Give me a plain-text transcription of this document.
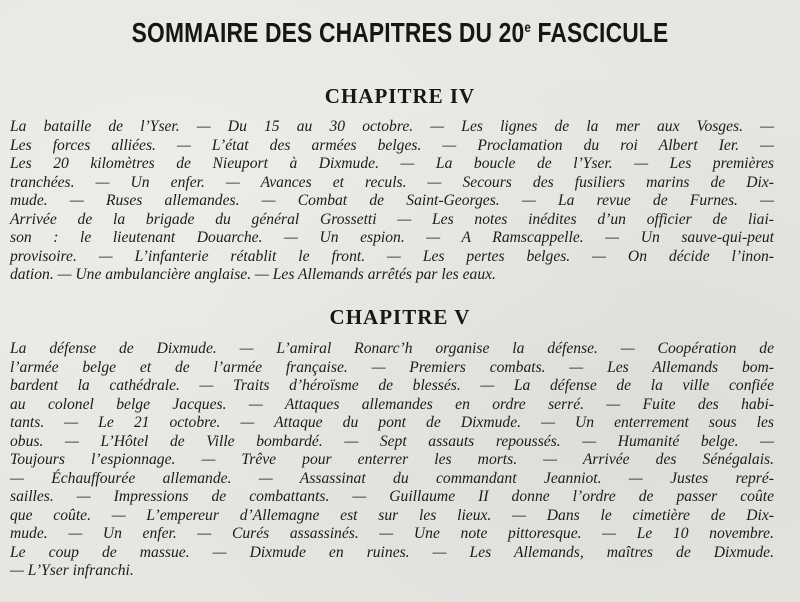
SOMMAIRE DES CHAPITRES DU 20e FASCICULE
CHAPITRE IV
La bataille de l’Yser. — Du 15 au 30 octobre. — Les lignes de la mer aux Vosges. —
Les forces alliées. — L’état des armées belges. — Proclamation du roi Albert Ier. —
Les 20 kilomètres de Nieuport à Dixmude. — La boucle de l’Yser. — Les premières
tranchées. — Un enfer. — Avances et reculs. — Secours des fusiliers marins de Dix-
mude. — Ruses allemandes. — Combat de Saint-Georges. — La revue de Furnes. —
Arrivée de la brigade du général Grossetti — Les notes inédites d’un officier de liai-
son : le lieutenant Douarche. — Un espion. — A Ramscappelle. — Un sauve-qui-peut
provisoire. — L’infanterie rétablit le front. — Les pertes belges. — On décide l’inon-
dation. — Une ambulancière anglaise. — Les Allemands arrêtés par les eaux.
CHAPITRE V
La défense de Dixmude. — L’amiral Ronarc’h organise la défense. — Coopération de
l’armée belge et de l’armée française. — Premiers combats. — Les Allemands bom-
bardent la cathédrale. — Traits d’héroïsme de blessés. — La défense de la ville confiée
au colonel belge Jacques. — Attaques allemandes en ordre serré. — Fuite des habi-
tants. — Le 21 octobre. — Attaque du pont de Dixmude. — Un enterrement sous les
obus. — L’Hôtel de Ville bombardé. — Sept assauts repoussés. — Humanité belge. —
Toujours l’espionnage. — Trêve pour enterrer les morts. — Arrivée des Sénégalais.
— Échauffourée allemande. — Assassinat du commandant Jeanniot. — Justes repré-
sailles. — Impressions de combattants. — Guillaume II donne l’ordre de passer coûte
que coûte. — L’empereur d’Allemagne est sur les lieux. — Dans le cimetière de Dix-
mude. — Un enfer. — Curés assassinés. — Une note pittoresque. — Le 10 novembre.
Le coup de massue. — Dixmude en ruines. — Les Allemands, maîtres de Dixmude.
— L’Yser infranchi.
